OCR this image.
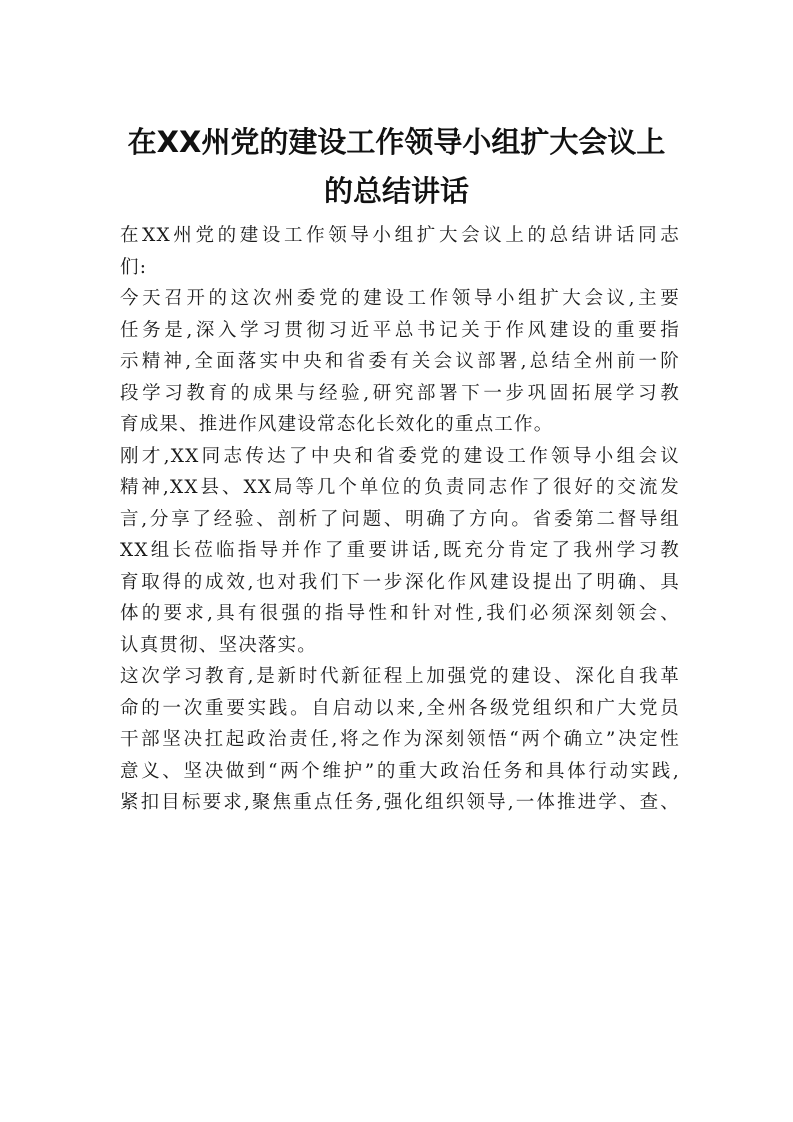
在XX州党的建设工作领导小组扩大会议上
的总结讲话

在XX州党的建设工作领导小组扩大会议上的总结讲话同志
们:

今天召开的这次州委党的建设工作领导小组扩大会议,主要
任务是,深入学习贯彻习近平总书记关于作风建设的重要指
示精神,全面落实中央和省委有关会议部署,总结全州前一阶
段学习教育的成果与经验,研究部署下一步巩固拓展学习教
育成果、推进作风建设常态化长效化的重点工作。

刚才,XX同志传达了中央和省委党的建设工作领导小组会议
精神,XX县、XX局等几个单位的负责同志作了很好的交流发
言,分享了经验、剖析了问题、明确了方向。省委第二督导组
XX组长莅临指导并作了重要讲话,既充分肯定了我州学习教
育取得的成效,也对我们下一步深化作风建设提出了明确、具
体的要求,具有很强的指导性和针对性,我们必须深刻领会、
认真贯彻、坚决落实。

这次学习教育,是新时代新征程上加强党的建设、深化自我革
命的一次重要实践。自启动以来,全州各级党组织和广大党员
干部坚决扛起政治责任,将之作为深刻领悟“两个确立”决定性
意义、坚决做到“两个维护”的重大政治任务和具体行动实践,
紧扣目标要求,聚焦重点任务,强化组织领导,一体推进学、查、
